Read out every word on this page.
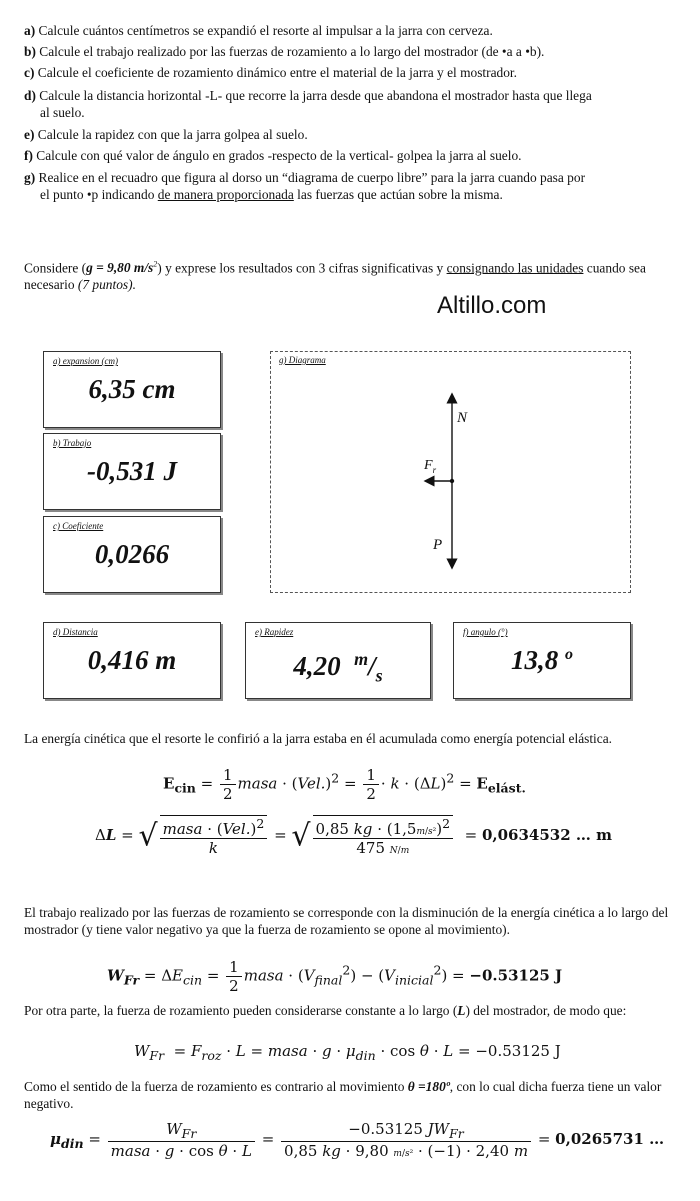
a) Calcule cuántos centímetros se expandió el resorte al impulsar a la jarra con cerveza.
b) Calcule el trabajo realizado por las fuerzas de rozamiento a lo largo del mostrador (de •a a •b).
c) Calcule el coeficiente de rozamiento dinámico entre el material de la jarra y el mostrador.
d) Calcule la distancia horizontal -L- que recorre la jarra desde que abandona el mostrador hasta que llega
al suelo.
e) Calcule la rapidez con que la jarra golpea al suelo.
f) Calcule con qué valor de ángulo en grados -respecto de la vertical- golpea la jarra al suelo.
g) Realice en el recuadro que figura al dorso un “diagrama de cuerpo libre” para la jarra cuando pasa por
el punto •p indicando de manera proporcionada las fuerzas que actúan sobre la misma.
Considere (g = 9,80 $m/s^2$) y exprese los resultados con 3 cifras significativas y consignando las unidades cuando sea necesario (7 puntos).
Altillo.com
a) expansion (cm)
6,35 cm
b) Trabajo
-0,531 J
c) Coeficiente
0,0266
g) Diagrama
N
$F_r$
P
d) Distancia
0,416 m
e) Rapidez
4,20 $^m/_s$
f) angulo (°)
13,8 $^o$
La energía cinética que el resorte le confirió a la jarra estaba en él acumulada como energía potencial elástica.
$E_{cin} = \frac{1}{2}$ masa · $(Vel.)^2 = \frac{1}{2} \cdot k \cdot (\Delta L)^2 = E_{elást.}$
ΔL = √ $\frac{masa \cdot (Vel.)^2}{k}$ = √ $\frac{0,85 kg \cdot (1,5m/s^2)^2}{475 N/m} = 0,0634532$ … m
El trabajo realizado por las fuerzas de rozamiento se corresponde con la disminución de la energía cinética a lo largo del mostrador (y tiene valor negativo ya que la fuerza de rozamiento se opone al movimiento).
$W_{Fr} = \Delta E_{cin} = \frac{1}{2}$ masa · $(V_{final}^2) - (V_{inicial}^2) = -0.53125$ J
Por otra parte, la fuerza de rozamiento pueden considerarse constante a lo largo (L) del mostrador, de modo que:
$W_{Fr} = F_{roz} \cdot L$ = masa · $g \cdot \mu_{din} \cdot \cos \theta \cdot L = -0.53125$ J
Como el sentido de la fuerza de rozamiento es contrario al movimiento θ =180º, con lo cual dicha fuerza tiene un valor negativo.
$\mu_{din} = \frac{W_{Fr}}{\text{masa · g · cos θ · L}} = \frac{-0.53125 JW_{Fr}}{\text{0,85 kg · 9,80 m/s² · (−1) · 2,40 m}} = 0,0265731$ …
